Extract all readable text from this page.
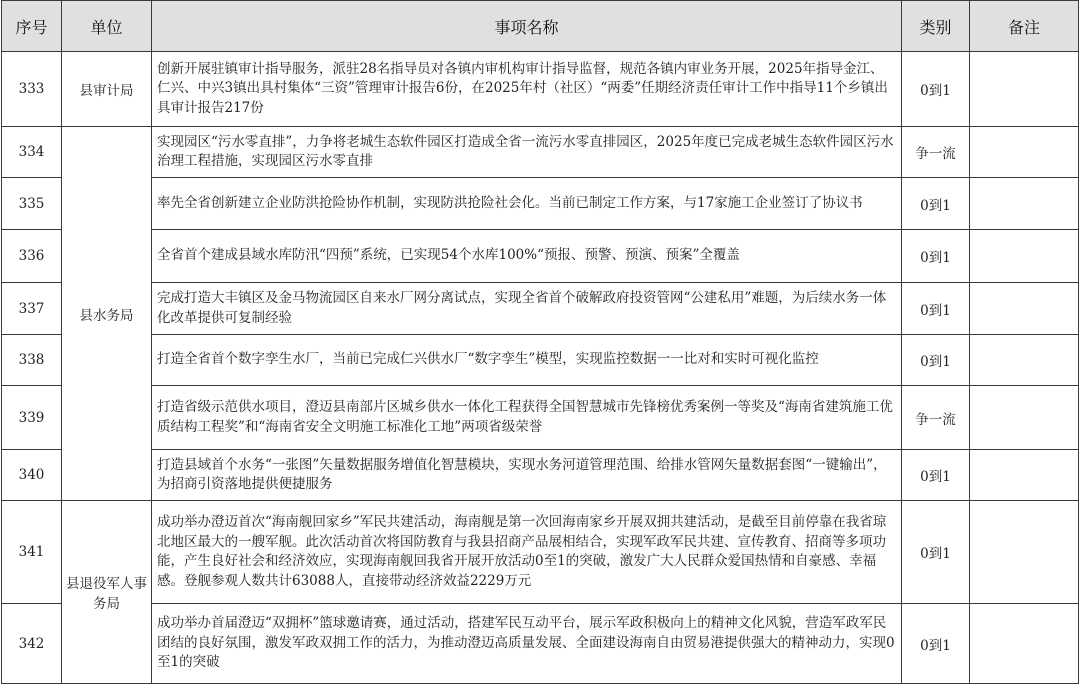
序号	单位	事项名称	类别	备注
333	县审计局	创新开展驻镇审计指导服务，派驻28名指导员对各镇内审机构审计指导监督，规范各镇内审业务开展，2025年指导金江、仁兴、中兴3镇出具村集体“三资”管理审计报告6份，在2025年村（社区）“两委”任期经济责任审计工作中指导11个乡镇出具审计报告217份	0到1	
334	县水务局	实现园区“污水零直排”，力争将老城生态软件园区打造成全省一流污水零直排园区，2025年度已完成老城生态软件园区污水治理工程措施，实现园区污水零直排	争一流	
335		率先全省创新建立企业防洪抢险协作机制，实现防洪抢险社会化。当前已制定工作方案，与17家施工企业签订了协议书	0到1	
336		全省首个建成县域水库防汛“四预”系统，已实现54个水库100%“预报、预警、预演、预案”全覆盖	0到1	
337		完成打造大丰镇区及金马物流园区自来水厂网分离试点，实现全省首个破解政府投资管网“公建私用”难题，为后续水务一体化改革提供可复制经验	0到1	
338		打造全省首个数字孪生水厂，当前已完成仁兴供水厂“数字孪生”模型，实现监控数据一一比对和实时可视化监控	0到1	
339		打造省级示范供水项目，澄迈县南部片区城乡供水一体化工程获得全国智慧城市先锋榜优秀案例一等奖及“海南省建筑施工优质结构工程奖”和“海南省安全文明施工标准化工地”两项省级荣誉	争一流	
340		打造县域首个水务“一张图”矢量数据服务增值化智慧模块，实现水务河道管理范围、给排水管网矢量数据套图“一键输出”，为招商引资落地提供便捷服务	0到1	
341	县退役军人事务局	成功举办澄迈首次“海南舰回家乡”军民共建活动，海南舰是第一次回海南家乡开展双拥共建活动，是截至目前停靠在我省琼北地区最大的一艘军舰。此次活动首次将国防教育与我县招商产品展相结合，实现军政军民共建、宣传教育、招商等多项功能，产生良好社会和经济效应，实现海南舰回我省开展开放活动0至1的突破，激发广大人民群众爱国热情和自豪感、幸福感。登舰参观人数共计63088人，直接带动经济效益2229万元	0到1	
342		成功举办首届澄迈“双拥杯”篮球邀请赛，通过活动，搭建军民互动平台，展示军政积极向上的精神文化风貌，营造军政军民团结的良好氛围，激发军政双拥工作的活力，为推动澄迈高质量发展、全面建设海南自由贸易港提供强大的精神动力，实现0至1的突破	0到1	
